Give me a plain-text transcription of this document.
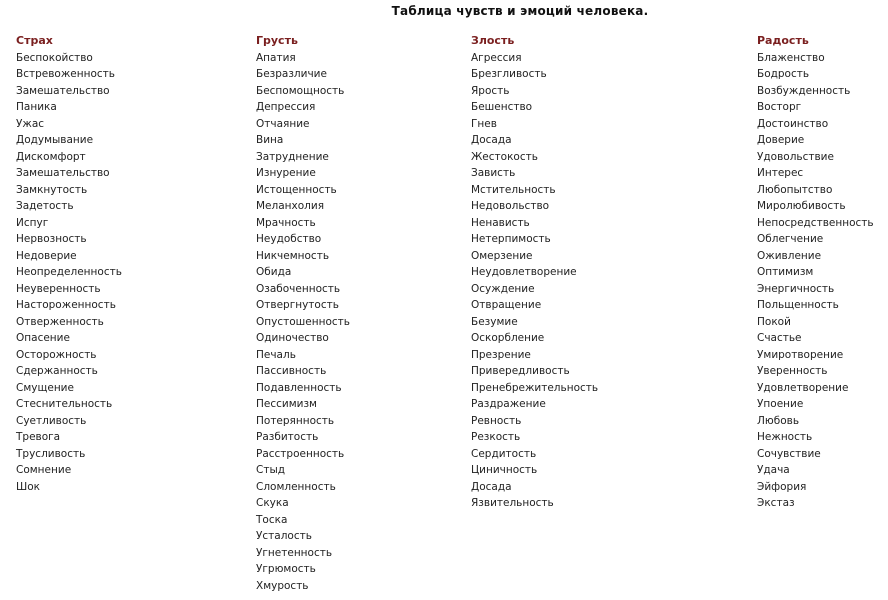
Таблица чувств и эмоций человека.
Страх
Беспокойство
Встревоженность
Замешательство
Паника
Ужас
Додумывание
Дискомфорт
Замешательство
Замкнутость
Задетость
Испуг
Нервозность
Недоверие
Неопределенность
Неуверенность
Настороженность
Отверженность
Опасение
Осторожность
Сдержанность
Смущение
Стеснительность
Суетливость
Тревога
Трусливость
Сомнение
Шок
Грусть
Апатия
Безразличие
Беспомощность
Депрессия
Отчаяние
Вина
Затруднение
Изнурение
Истощенность
Меланхолия
Мрачность
Неудобство
Никчемность
Обида
Озабоченность
Отвергнутость
Опустошенность
Одиночество
Печаль
Пассивность
Подавленность
Пессимизм
Потерянность
Разбитость
Расстроенность
Стыд
Сломленность
Скука
Тоска
Усталость
Угнетенность
Угрюмость
Хмурость
Злость
Агрессия
Брезгливость
Ярость
Бешенство
Гнев
Досада
Жестокость
Зависть
Мстительность
Недовольство
Ненависть
Нетерпимость
Омерзение
Неудовлетворение
Осуждение
Отвращение
Безумие
Оскорбление
Презрение
Привередливость
Пренебрежительность
Раздражение
Ревность
Резкость
Сердитость
Циничность
Досада
Язвительность
Радость
Блаженство
Бодрость
Возбужденность
Восторг
Достоинство
Доверие
Удовольствие
Интерес
Любопытство
Миролюбивость
Непосредственность
Облегчение
Оживление
Оптимизм
Энергичность
Польщенность
Покой
Счастье
Умиротворение
Уверенность
Удовлетворение
Упоение
Любовь
Нежность
Сочувствие
Удача
Эйфория
Экстаз
